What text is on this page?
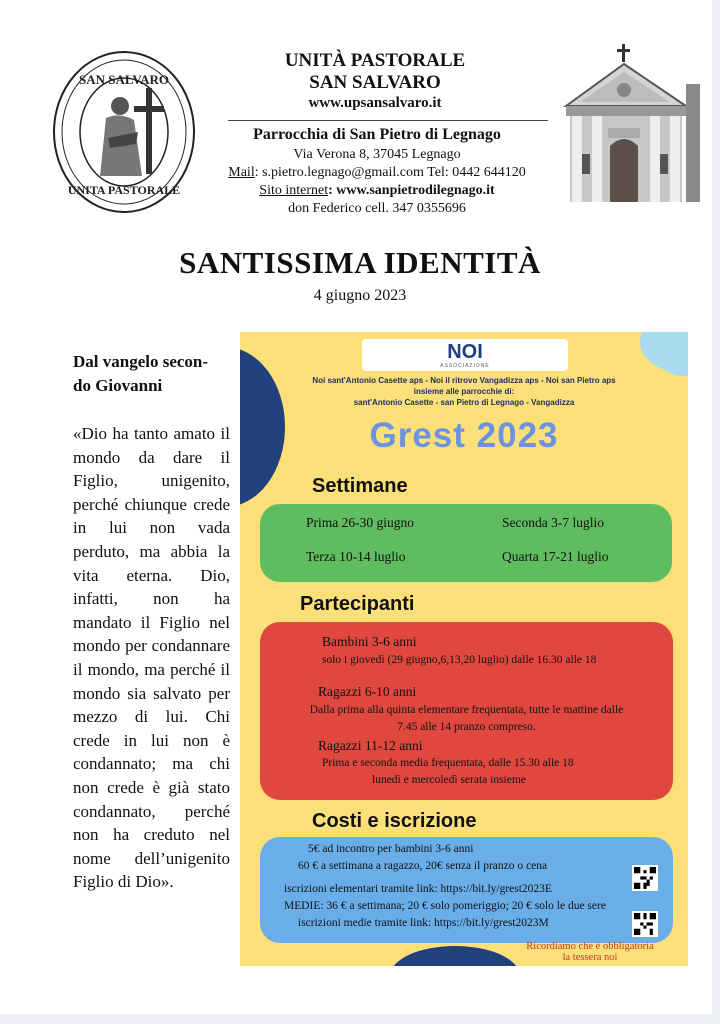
SAN SALVARO
UNITA PASTORALE
UNITÀ PASTORALE
SAN SALVARO
www.upsansalvaro.it
Parrocchia di San Pietro di Legnago
Via Verona 8, 37045 Legnago
Mail: s.pietro.legnago@gmail.com Tel: 0442 644120
Sito internet: www.sanpietrodilegnago.it
don Federico cell. 347 0355696
SANTISSIMA IDENTITÀ
4 giugno 2023
Dal vangelo secon-
do Giovanni
«Dio ha tanto amato il mondo da dare il Figlio, unigenito, perché chiunque crede in lui non vada perduto, ma abbia la vita eterna. Dio, infatti, non ha mandato il Figlio nel mondo per condannare il mondo, ma perché il mondo sia salvato per mezzo di lui. Chi crede in lui non è condannato; ma chi non crede è già stato condannato, perché non ha creduto nel nome dell’unigenito Figlio di Dio».
NOI
ASSOCIAZIONE
Noi sant'Antonio Casette aps - Noi il ritrovo Vangadizza aps - Noi san Pietro aps
insieme alle parrocchie di:
sant'Antonio Casette - san Pietro di Legnago - Vangadizza
Grest 2023
Settimane
Prima 26-30 giugno	Seconda 3-7 luglio
Terza 10-14 luglio	Quarta 17-21 luglio
Partecipanti
Bambini 3-6 anni
solo i giovedì (29 giugno,6,13,20 luglio) dalle 16.30 alle 18
Ragazzi 6-10 anni
Dalla prima alla quinta elementare frequentata, tutte le mattine dalle
7.45 alle 14 pranzo compreso.
Ragazzi 11-12 anni
Prima e seconda media frequentata, dalle 15.30 alle 18
lunedì e mercoledì serata insieme
Costi e iscrizione
5€ ad incontro per bambini 3-6 anni
60 € a settimana a ragazzo, 20€ senza il pranzo o cena
iscrizioni elementari tramite link: https://bit.ly/grest2023E
MEDIE: 36 € a settimana; 20 € solo pomeriggio; 20 € solo le due sere
iscrizioni medie tramite link: https://bit.ly/grest2023M
Ricordiamo che è obbligatoria
la tessera noi
